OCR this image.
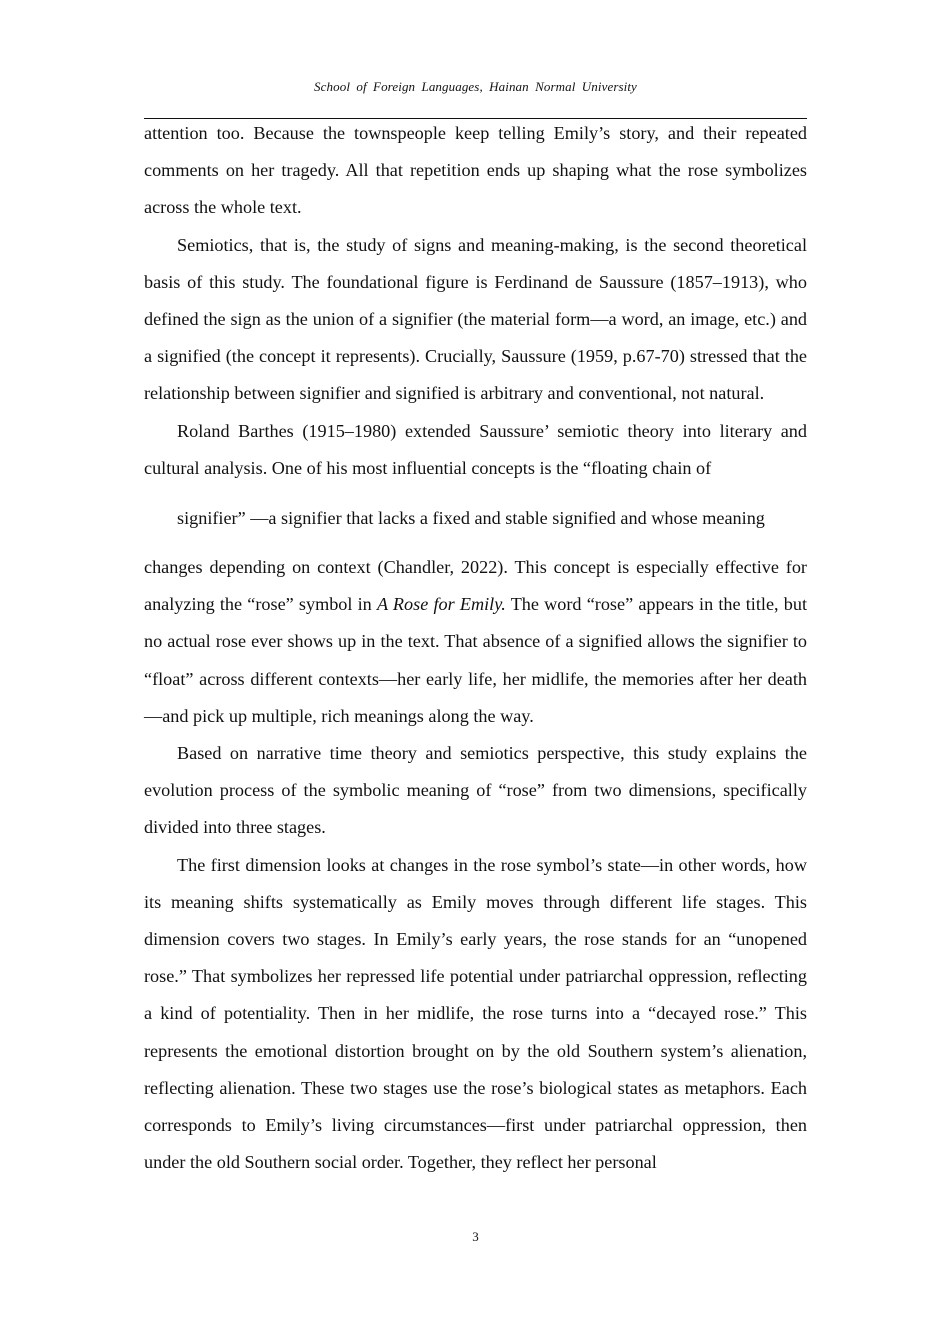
School of Foreign Languages, Hainan Normal University

attention too. Because the townspeople keep telling Emily’s story, and their repeated comments on her tragedy. All that repetition ends up shaping what the rose symbolizes across the whole text.

Semiotics, that is, the study of signs and meaning-making, is the second theoretical basis of this study. The foundational figure is Ferdinand de Saussure (1857–1913), who defined the sign as the union of a signifier (the material form—a word, an image, etc.) and a signified (the concept it represents). Crucially, Saussure (1959, p.67-70) stressed that the relationship between signifier and signified is arbitrary and conventional, not natural.

Roland Barthes (1915–1980) extended Saussure’ semiotic theory into literary and cultural analysis. One of his most influential concepts is the “floating chain of
signifier” —a signifier that lacks a fixed and stable signified and whose meaning
changes depending on context (Chandler, 2022). This concept is especially effective for analyzing the “rose” symbol in A Rose for Emily. The word “rose” appears in the title, but no actual rose ever shows up in the text. That absence of a signified allows the signifier to “float” across different contexts—her early life, her midlife, the memories after her death—and pick up multiple, rich meanings along the way.

Based on narrative time theory and semiotics perspective, this study explains the evolution process of the symbolic meaning of “rose” from two dimensions, specifically divided into three stages.

The first dimension looks at changes in the rose symbol’s state—in other words, how its meaning shifts systematically as Emily moves through different life stages. This dimension covers two stages. In Emily’s early years, the rose stands for an “unopened rose.” That symbolizes her repressed life potential under patriarchal oppression, reflecting a kind of potentiality. Then in her midlife, the rose turns into a “decayed rose.” This represents the emotional distortion brought on by the old Southern system’s alienation, reflecting alienation. These two stages use the rose’s biological states as metaphors. Each corresponds to Emily’s living circumstances—first under patriarchal oppression, then under the old Southern social order. Together, they reflect her personal

3
